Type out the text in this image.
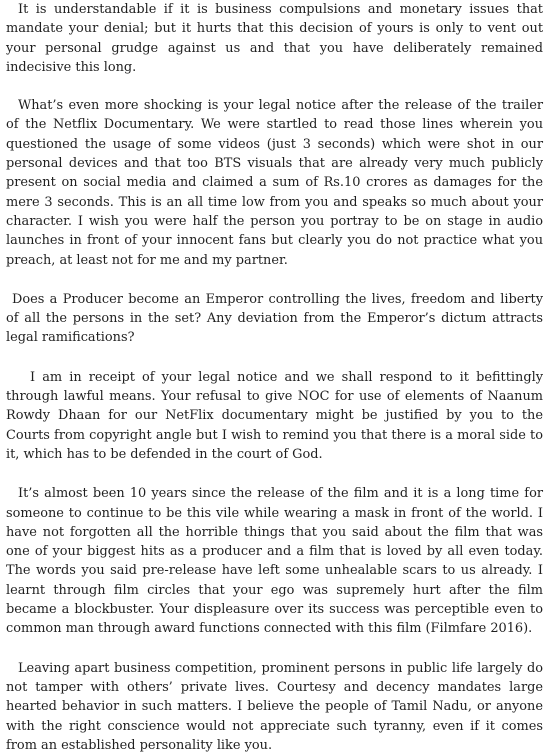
It is understandable if it is business compulsions and monetary issues that mandate your denial; but it hurts that this decision of yours is only to vent out your personal grudge against us and that you have deliberately remained indecisive this long.

What’s even more shocking is your legal notice after the release of the trailer of the Netflix Documentary. We were startled to read those lines wherein you questioned the usage of some videos (just 3 seconds) which were shot in our personal devices and that too BTS visuals that are already very much publicly present on social media and claimed a sum of Rs.10 crores as damages for the mere 3 seconds. This is an all time low from you and speaks so much about your character. I wish you were half the person you portray to be on stage in audio launches in front of your innocent fans but clearly you do not practice what you preach, at least not for me and my partner.

Does a Producer become an Emperor controlling the lives, freedom and liberty of all the persons in the set? Any deviation from the Emperor’s dictum attracts legal ramifications?

I am in receipt of your legal notice and we shall respond to it befittingly through lawful means. Your refusal to give NOC for use of elements of Naanum Rowdy Dhaan for our NetFlix documentary might be justified by you to the Courts from copyright angle but I wish to remind you that there is a moral side to it, which has to be defended in the court of God.

It’s almost been 10 years since the release of the film and it is a long time for someone to continue to be this vile while wearing a mask in front of the world. I have not forgotten all the horrible things that you said about the film that was one of your biggest hits as a producer and a film that is loved by all even today. The words you said pre-release have left some unhealable scars to us already. I learnt through film circles that your ego was supremely hurt after the film became a blockbuster. Your displeasure over its success was perceptible even to common man through award functions connected with this film (Filmfare 2016).

Leaving apart business competition, prominent persons in public life largely do not tamper with others’ private lives. Courtesy and decency mandates large hearted behavior in such matters. I believe the people of Tamil Nadu, or anyone with the right conscience would not appreciate such tyranny, even if it comes from an established personality like you.
